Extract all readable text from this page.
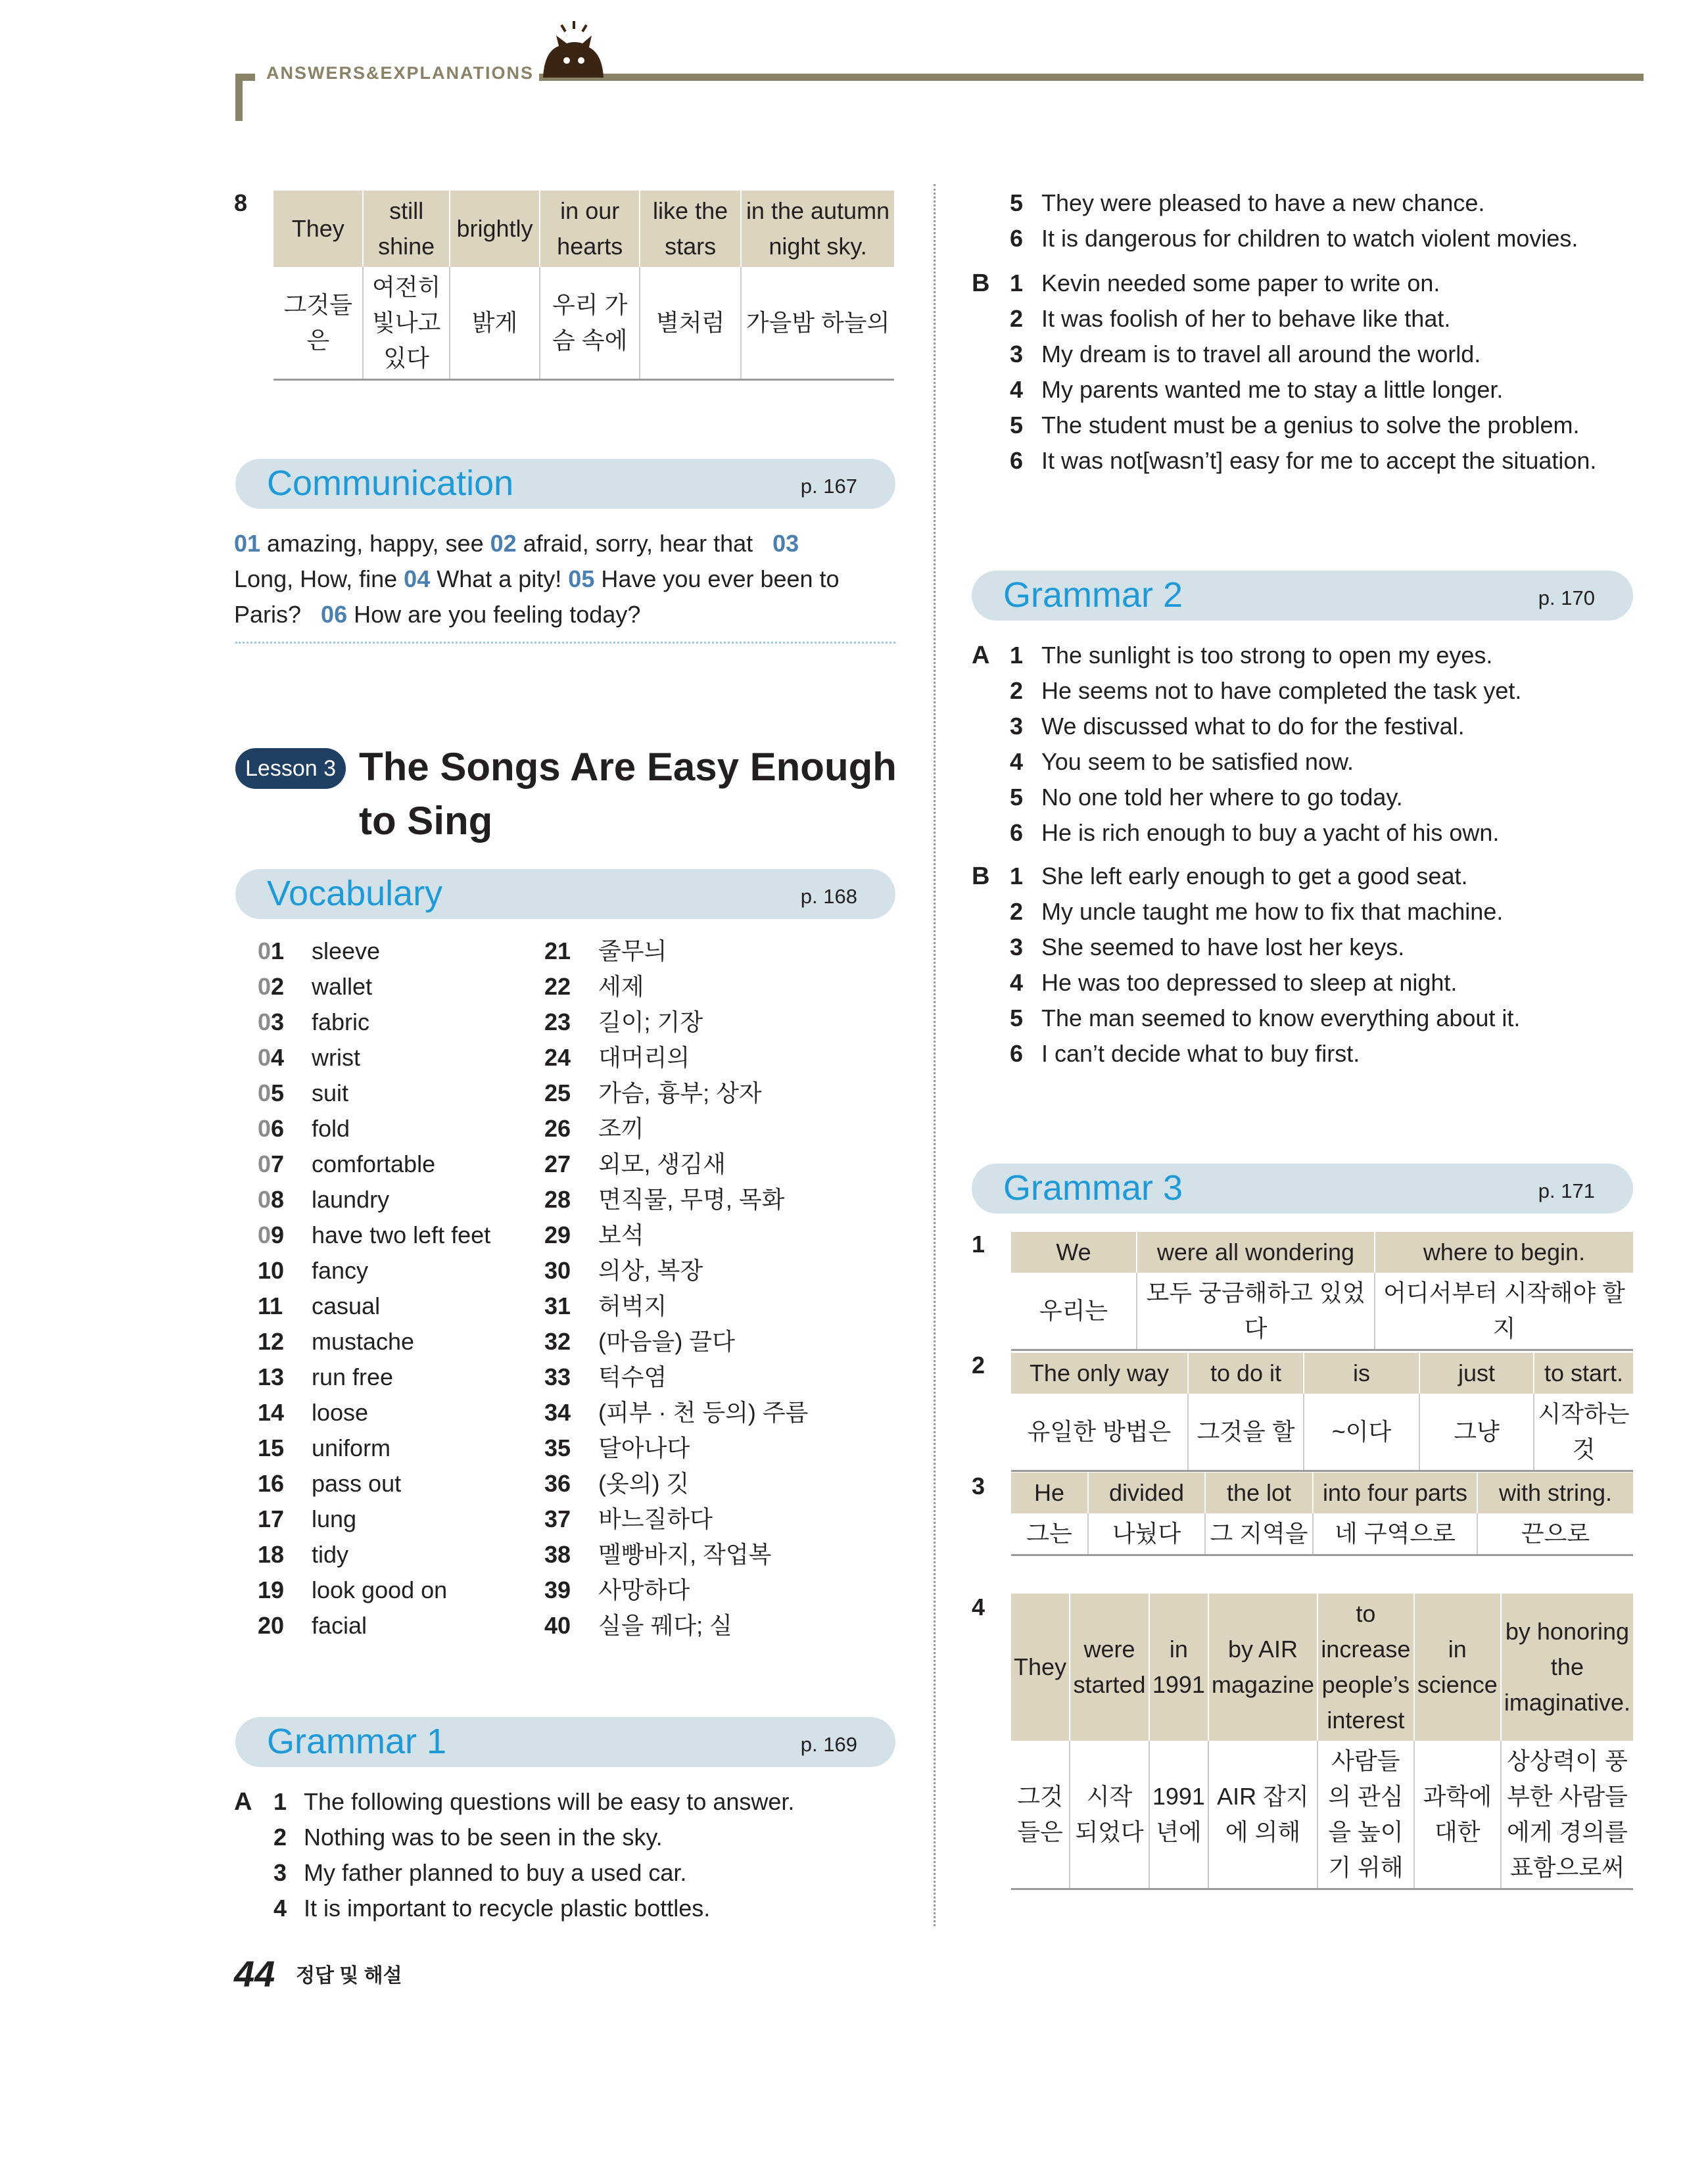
ANSWERS&EXPLANATIONS
8
They	still shine	brightly	in our hearts	like the stars	in the autumn night sky.
그것들은	여전히 빛나고 있다	밝게	우리 가슴 속에	별처럼	가을밤 하늘의
Communication	p. 167
01 amazing, happy, see 02 afraid, sorry, hear that 03
Long, How, fine 04 What a pity! 05 Have you ever been to
Paris? 06 How are you feeling today?
Lesson 3 The Songs Are Easy Enough
to Sing
Vocabulary	p. 168
01 sleeve
02 wallet
03 fabric
04 wrist
05 suit
06 fold
07 comfortable
08 laundry
09 have two left feet
10 fancy
11 casual
12 mustache
13 run free
14 loose
15 uniform
16 pass out
17 lung
18 tidy
19 look good on
20 facial
21 줄무늬
22 세제
23 길이; 기장
24 대머리의
25 가슴, 흉부; 상자
26 조끼
27 외모, 생김새
28 면직물, 무명, 목화
29 보석
30 의상, 복장
31 허벅지
32 (마음을) 끌다
33 턱수염
34 (피부 · 천 등의) 주름
35 달아나다
36 (옷의) 깃
37 바느질하다
38 멜빵바지, 작업복
39 사망하다
40 실을 꿰다; 실
Grammar 1	p. 169
A 1 The following questions will be easy to answer.
2 Nothing was to be seen in the sky.
3 My father planned to buy a used car.
4 It is important to recycle plastic bottles.
5 They were pleased to have a new chance.
6 It is dangerous for children to watch violent movies.
B 1 Kevin needed some paper to write on.
2 It was foolish of her to behave like that.
3 My dream is to travel all around the world.
4 My parents wanted me to stay a little longer.
5 The student must be a genius to solve the problem.
6 It was not[wasn’t] easy for me to accept the situation.
Grammar 2	p. 170
A 1 The sunlight is too strong to open my eyes.
2 He seems not to have completed the task yet.
3 We discussed what to do for the festival.
4 You seem to be satisfied now.
5 No one told her where to go today.
6 He is rich enough to buy a yacht of his own.
B 1 She left early enough to get a good seat.
2 My uncle taught me how to fix that machine.
3 She seemed to have lost her keys.
4 He was too depressed to sleep at night.
5 The man seemed to know everything about it.
6 I can’t decide what to buy first.
Grammar 3	p. 171
1	We	were all wondering	where to begin.
우리는	모두 궁금해하고 있었다	어디서부터 시작해야 할지
2 The only way	to do it	is	just	to start.
유일한 방법은	그것을 할	~이다	그냥	시작하는 것
3 He	divided	the lot	into four parts	with string.
그는	나눴다	그 지역을	네 구역으로	끈으로
4
They	were started	in 1991	by AIR magazine	to increase people’s interest	in science	by honoring the imaginative.
그것들은	시작 되었다	1991 년에	AIR 잡지에 의해	사람들의 관심을 높이기 위해	과학에 대한	상상력이 풍부한 사람들에게 경의를 표함으로써
44 정답 및 해설
